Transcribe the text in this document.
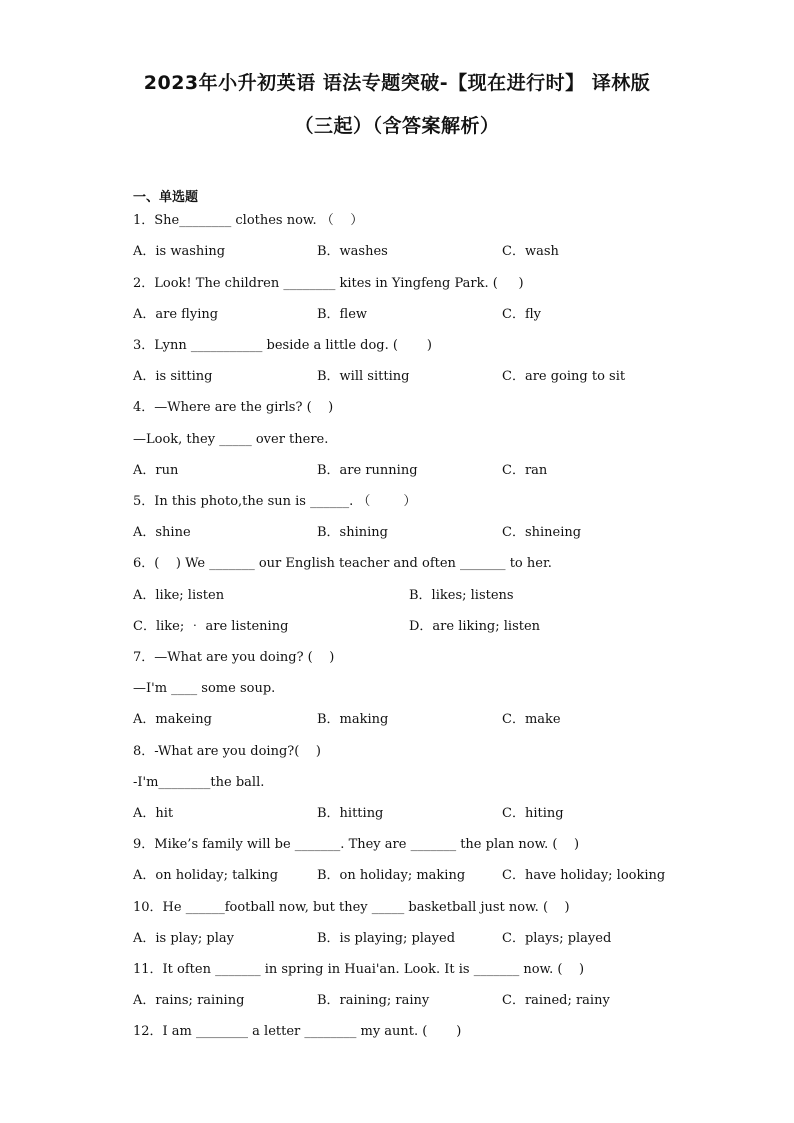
2023年小升初英语 语法专题突破-【现在进行时】 译林版
（三起）（含答案解析）
一、单选题
1．She________ clothes now. （    ）
A．is washing	B．washes	C．wash
2．Look! The children ________ kites in Yingfeng Park. (     )
A．are flying	B．flew	C．fly
3．Lynn ___________ beside a little dog. (       )
A．is sitting	B．will sitting	C．are going to sit
4．—Where are the girls? (    )
—Look, they _____ over there.
A．run	B．are running	C．ran
5．In this photo,the sun is ______. （        ）
A．shine	B．shining	C．shineing
6．(    ) We _______ our English teacher and often _______ to her.
A．like; listen	B．likes; listens
C．like; ‧ are listening	D．are liking; listen
7．—What are you doing? (    )
—I'm ____ some soup.
A．makeing	B．making	C．make
8．-What are you doing?(    )
-I'm________the ball.
A．hit	B．hitting	C．hiting
9．Mike’s family will be _______. They are _______ the plan now. (    )
A．on holiday; talking	B．on holiday; making	C．have holiday; looking
10．He ______football now, but they _____ basketball just now. (    )
A．is play; play	B．is playing; played	C．plays; played
11．It often _______ in spring in Huai'an. Look. It is _______ now. (    )
A．rains; raining	B．raining; rainy	C．rained; rainy
12．I am ________ a letter ________ my aunt. (       )
